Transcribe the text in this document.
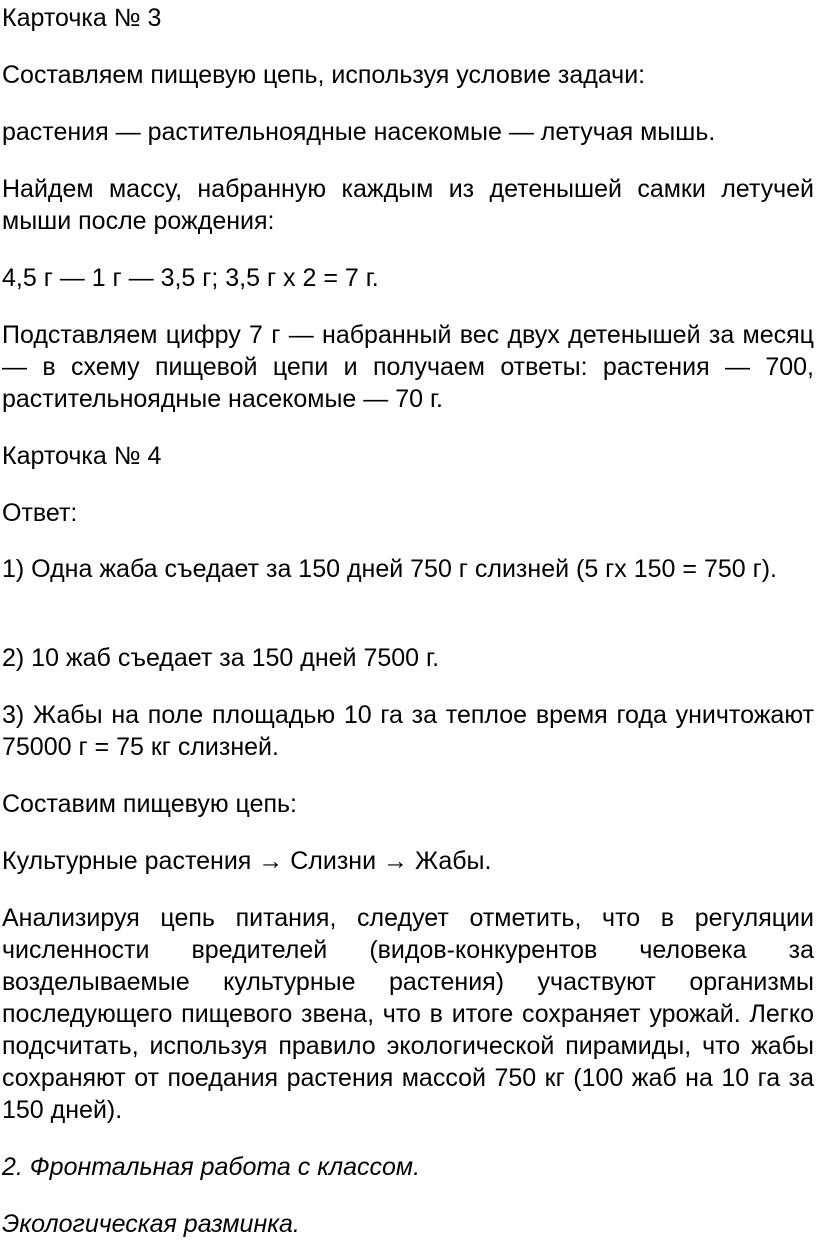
Карточка № 3

Составляем пищевую цепь, используя условие задачи:

растения — растительноядные насекомые — летучая мышь.

Найдем массу, набранную каждым из детенышей самки летучей мыши после рождения:

4,5 г — 1 г — 3,5 г; 3,5 г х 2 = 7 г.

Подставляем цифру 7 г — набранный вес двух детенышей за месяц — в схему пищевой цепи и получаем ответы: растения — 700, растительноядные насекомые — 70 г.

Карточка № 4

Ответ:

1) Одна жаба съедает за 150 дней 750 г слизней (5 гх 150 = 750 г).

2) 10 жаб съедает за 150 дней 7500 г.

3) Жабы на поле площадью 10 га за теплое время года уничтожают 75000 г = 75 кг слизней.

Составим пищевую цепь:

Культурные растения → Слизни → Жабы.

Анализируя цепь питания, следует отметить, что в регуляции численности вредителей (видов-конкурентов человека за возделываемые культурные растения) участвуют организмы последующего пищевого звена, что в итоге сохраняет урожай. Легко подсчитать, используя правило экологической пирамиды, что жабы сохраняют от поедания растения массой 750 кг (100 жаб на 10 га за 150 дней).

2. Фронтальная работа с классом.

Экологическая разминка.
